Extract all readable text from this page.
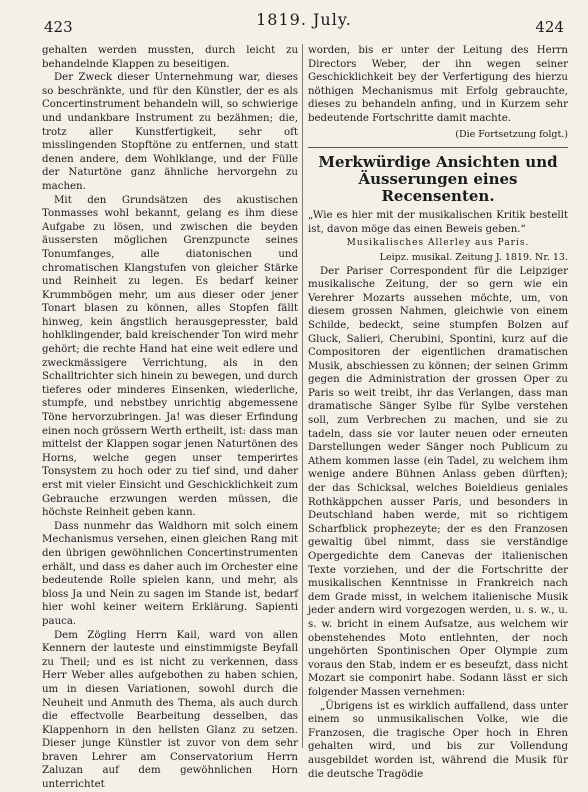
423	1819. July.	424

gehalten werden mussten, durch leicht zu behandelnde Klappen zu beseitigen.

Der Zweck dieser Unternehmung war, dieses so beschränkte, und für den Künstler, der es als Concertinstrument behandeln will, so schwierige und undankbare Instrument zu bezähmen; die, trotz aller Kunstfertigkeit, sehr oft misslingenden Stopftöne zu entfernen, und statt denen andere, dem Wohlklange, und der Fülle der Naturtöne ganz ähnliche hervorgehn zu machen.

Mit den Grundsätzen des akustischen Tonmasses wohl bekannt, gelang es ihm diese Aufgabe zu lösen, und zwischen die beyden äussersten möglichen Grenzpuncte seines Tonumfanges, alle diatonischen und chromatischen Klangstufen von gleicher Stärke und Reinheit zu legen. Es bedarf keiner Krummbögen mehr, um aus dieser oder jener Tonart blasen zu können, alles Stopfen fällt hinweg, kein ängstlich herausgepresster, bald hohlklingender, bald kreischender Ton wird mehr gehört; die rechte Hand hat eine weit edlere und zweckmässigere Verrichtung, als in den Schalltrichter sich hinein zu bewegen, und durch tieferes oder minderes Einsenken, wiederliche, stumpfe, und nebstbey unrichtig abgemessene Töne hervorzubringen. Ja! was dieser Erfindung einen noch grössern Werth ertheilt, ist: dass man mittelst der Klappen sogar jenen Naturtönen des Horns, welche gegen unser temperirtes Tonsystem zu hoch oder zu tief sind, und daher erst mit vieler Einsicht und Geschicklichkeit zum Gebrauche erzwungen werden müssen, die höchste Reinheit geben kann.

Dass nunmehr das Waldhorn mit solch einem Mechanismus versehen, einen gleichen Rang mit den übrigen gewöhnlichen Concertinstrumenten erhält, und dass es daher auch im Orchester eine bedeutende Rolle spielen kann, und mehr, als bloss Ja und Nein zu sagen im Stande ist, bedarf hier wohl keiner weitern Erklärung. Sapienti pauca.

Dem Zögling Herrn Kail, ward von allen Kennern der lauteste und einstimmigste Beyfall zu Theil; und es ist nicht zu verkennen, dass Herr Weber alles aufgebothen zu haben schien, um in diesen Variationen, sowohl durch die Neuheit und Anmuth des Thema, als auch durch die effectvolle Bearbeitung desselben, das Klappenhorn in den hellsten Glanz zu setzen. Dieser junge Künstler ist zuvor von dem sehr braven Lehrer am Conservatorium Herrn Zaluzan auf dem gewöhnlichen Horn unterrichtet

worden, bis er unter der Leitung des Herrn Directors Weber, der ihn wegen seiner Geschicklichkeit bey der Verfertigung des hierzu nöthigen Mechanismus mit Erfolg gebrauchte, dieses zu behandeln anfing, und in Kurzem sehr bedeutende Fortschritte damit machte.

(Die Fortsetzung folgt.)
Merkwürdige Ansichten und Äusserungen eines Recensenten.

„Wie es hier mit der musikalischen Kritik bestellt ist, davon möge das einen Beweis geben.“

Musikalisches Allerley aus Paris.
Leipz. musikal. Zeitung J. 1819. Nr. 13.

Der Pariser Correspondent für die Leipziger musikalische Zeitung, der so gern wie ein Verehrer Mozarts aussehen möchte, um, von diesem grossen Nahmen, gleichwie von einem Schilde, bedeckt, seine stumpfen Bolzen auf Gluck, Salieri, Cherubini, Spontini, kurz auf die Compositoren der eigentlichen dramatischen Musik, abschiessen zu können; der seinen Grimm gegen die Administration der grossen Oper zu Paris so weit treibt, ihr das Verlangen, dass man dramatische Sänger Sylbe für Sylbe verstehen soll, zum Verbrechen zu machen, und sie zu tadeln, dass sie vor lauter neuen oder erneuten Darstellungen weder Sänger noch Publicum zu Athem kommen lasse (ein Tadel, zu welchem ihm wenige andere Bühnen Anlass geben dürften); der das Schicksal, welches Boieldieus geniales Rothkäppchen ausser Paris, und besonders in Deutschland haben werde, mit so richtigem Scharfblick prophezeyte; der es den Franzosen gewaltig übel nimmt, dass sie verständige Opergedichte dem Canevas der italienischen Texte vorziehen, und der die Fortschritte der musikalischen Kenntnisse in Frankreich nach dem Grade misst, in welchem italienische Musik jeder andern wird vorgezogen werden, u. s. w., u. s. w. bricht in einem Aufsatze, aus welchem wir obenstehendes Moto entlehnten, der noch ungehörten Spontinischen Oper Olympie zum voraus den Stab, indem er es beseufzt, dass nicht Mozart sie componirt habe. Sodann lässt er sich folgender Massen vernehmen:

„Übrigens ist es wirklich auffallend, dass unter einem so unmusikalischen Volke, wie die Franzosen, die tragische Oper hoch in Ehren gehalten wird, und bis zur Vollendung ausgebildet worden ist, während die Musik für die deutsche Tragödie
